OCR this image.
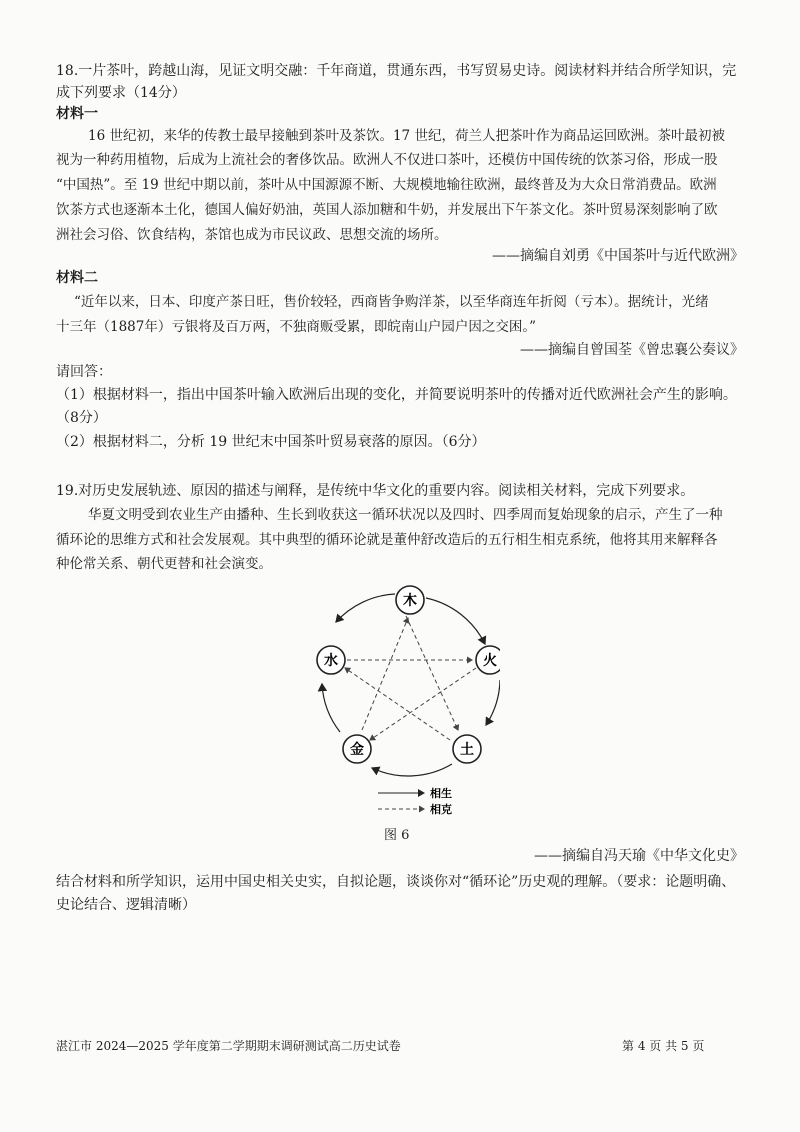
18.一片茶叶，跨越山海，见证文明交融：千年商道，贯通东西，书写贸易史诗。阅读材料并结合所学知识，完
成下列要求（14分）
材料一
16 世纪初，来华的传教士最早接触到茶叶及茶饮。17 世纪，荷兰人把茶叶作为商品运回欧洲。茶叶最初被
视为一种药用植物，后成为上流社会的奢侈饮品。欧洲人不仅进口茶叶，还模仿中国传统的饮茶习俗，形成一股
“中国热”。至 19 世纪中期以前，茶叶从中国源源不断、大规模地输往欧洲，最终普及为大众日常消费品。欧洲
饮茶方式也逐渐本土化，德国人偏好奶油，英国人添加糖和牛奶，并发展出下午茶文化。茶叶贸易深刻影响了欧
洲社会习俗、饮食结构，茶馆也成为市民议政、思想交流的场所。
——摘编自刘勇《中国茶叶与近代欧洲》
材料二
“近年以来，日本、印度产茶日旺，售价较轻，西商皆争购洋茶，以至华商连年折阅（亏本）。据统计，光绪
十三年（1887年）亏银将及百万两，不独商贩受累，即皖南山户园户因之交困。”
——摘编自曾国荃《曾忠襄公奏议》
请回答：
（1）根据材料一，指出中国茶叶输入欧洲后出现的变化，并简要说明茶叶的传播对近代欧洲社会产生的影响。
（8分）
（2）根据材料二，分析 19 世纪末中国茶叶贸易衰落的原因。（6分）
19.对历史发展轨迹、原因的描述与阐释，是传统中华文化的重要内容。阅读相关材料，完成下列要求。
华夏文明受到农业生产由播种、生长到收获这一循环状况以及四时、四季周而复始现象的启示，产生了一种
循环论的思维方式和社会发展观。其中典型的循环论就是董仲舒改造后的五行相生相克系统，他将其用来解释各
种伦常关系、朝代更替和社会演变。
木
火
土
金
水
相生
相克
图 6
——摘编自冯天瑜《中华文化史》
结合材料和所学知识，运用中国史相关史实，自拟论题，谈谈你对“循环论”历史观的理解。（要求：论题明确、
史论结合、逻辑清晰）
湛江市 2024—2025 学年度第二学期期末调研测试高二历史试卷	第 4 页 共 5 页
